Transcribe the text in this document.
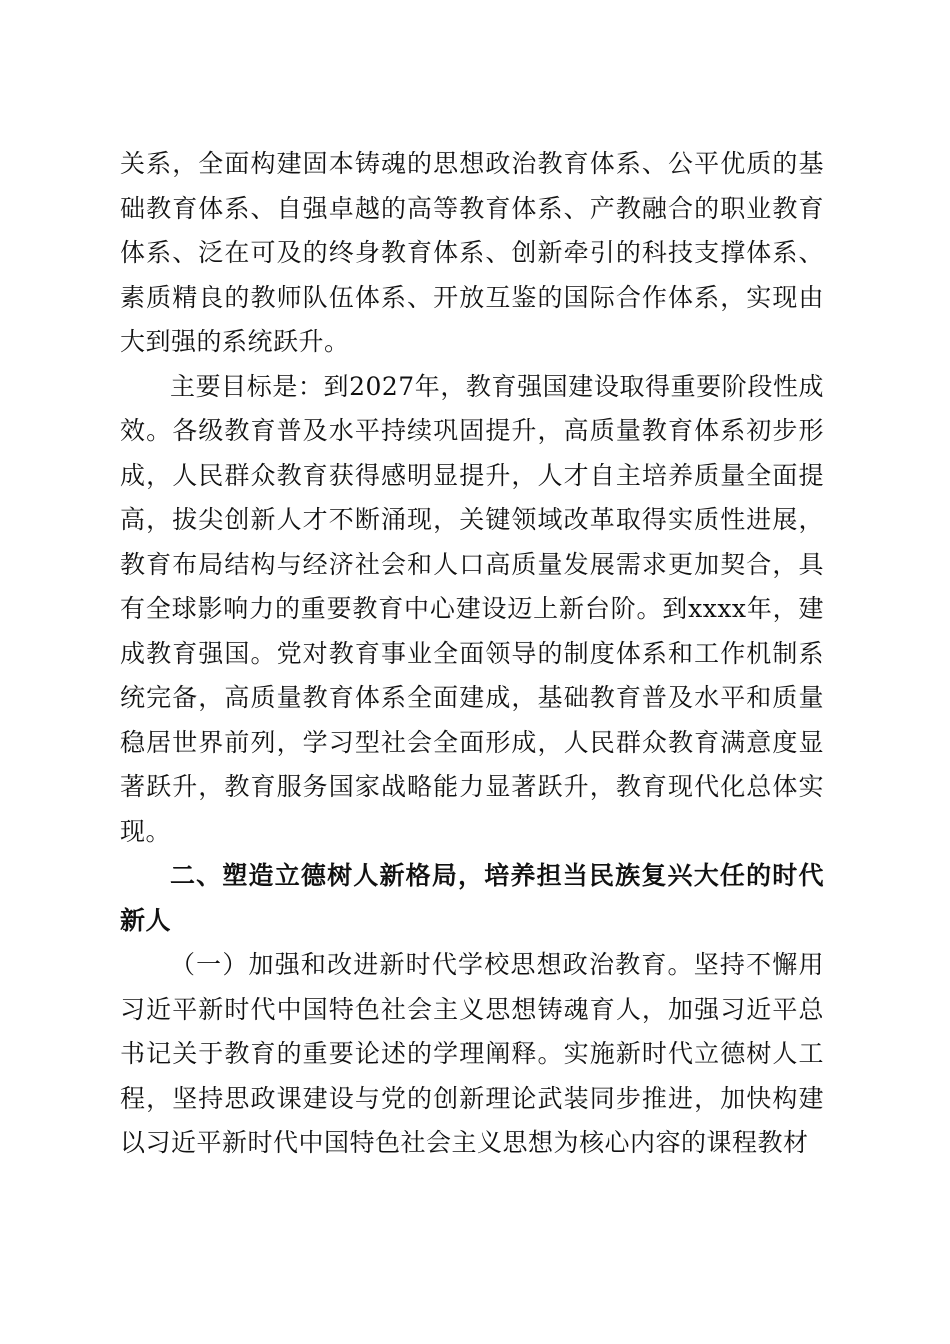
关系，全面构建固本铸魂的思想政治教育体系、公平优质的基础教育体系、自强卓越的高等教育体系、产教融合的职业教育体系、泛在可及的终身教育体系、创新牵引的科技支撑体系、素质精良的教师队伍体系、开放互鉴的国际合作体系，实现由大到强的系统跃升。

主要目标是：到2027年，教育强国建设取得重要阶段性成效。各级教育普及水平持续巩固提升，高质量教育体系初步形成，人民群众教育获得感明显提升，人才自主培养质量全面提高，拔尖创新人才不断涌现，关键领域改革取得实质性进展，教育布局结构与经济社会和人口高质量发展需求更加契合，具有全球影响力的重要教育中心建设迈上新台阶。到xxxx年，建成教育强国。党对教育事业全面领导的制度体系和工作机制系统完备，高质量教育体系全面建成，基础教育普及水平和质量稳居世界前列，学习型社会全面形成，人民群众教育满意度显著跃升，教育服务国家战略能力显著跃升，教育现代化总体实现。

二、塑造立德树人新格局，培养担当民族复兴大任的时代新人

（一）加强和改进新时代学校思想政治教育。坚持不懈用习近平新时代中国特色社会主义思想铸魂育人，加强习近平总书记关于教育的重要论述的学理阐释。实施新时代立德树人工程，坚持思政课建设与党的创新理论武装同步推进，加快构建以习近平新时代中国特色社会主义思想为核心内容的课程教材
